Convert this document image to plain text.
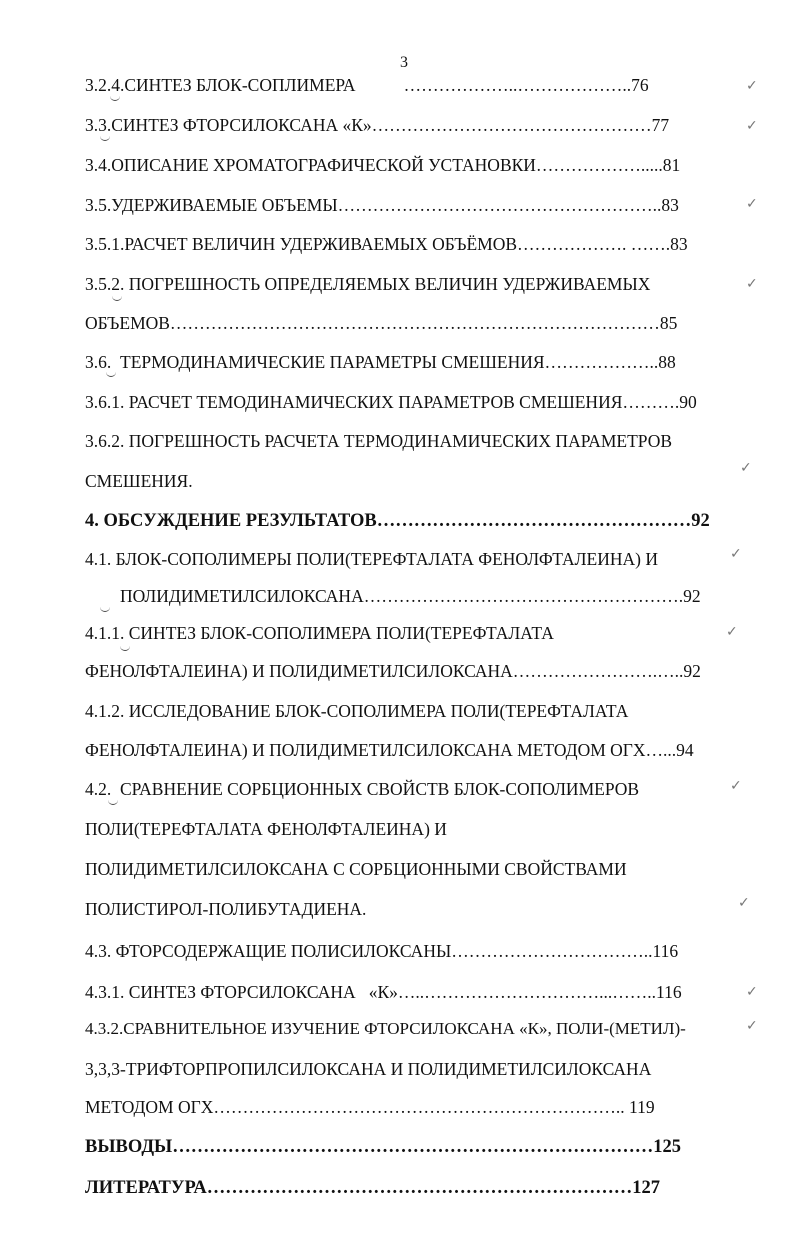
3
3.2.4.СИНТЕЗ БЛОК-СОПЛИМЕРА           ………………..………………..76
3.3.СИНТЕЗ ФТОРСИЛОКСАНА «К»…………………………………………77
3.4.ОПИСАНИЕ ХРОМАТОГРАФИЧЕСКОЙ УСТАНОВКИ……………….....81
3.5.УДЕРЖИВАЕМЫЕ ОБЪЕМЫ………………………………………………..83
3.5.1.РАСЧЕТ ВЕЛИЧИН УДЕРЖИВАЕМЫХ ОБЪЁМОВ………………. …….83
3.5.2. ПОГРЕШНОСТЬ ОПРЕДЕЛЯЕМЫХ ВЕЛИЧИН УДЕРЖИВАЕМЫХ
ОБЪЕМОВ…………………………………………………………………………85
3.6.  ТЕРМОДИНАМИЧЕСКИЕ ПАРАМЕТРЫ СМЕШЕНИЯ………………..88
3.6.1. РАСЧЕТ ТЕМОДИНАМИЧЕСКИХ ПАРАМЕТРОВ СМЕШЕНИЯ……….90
3.6.2. ПОГРЕШНОСТЬ РАСЧЕТА ТЕРМОДИНАМИЧЕСКИХ ПАРАМЕТРОВ
СМЕШЕНИЯ.
4. ОБСУЖДЕНИЕ РЕЗУЛЬТАТОВ……………………………………………92
4.1. БЛОК-СОПОЛИМЕРЫ ПОЛИ(ТЕРЕФТАЛАТА ФЕНОЛФТАЛЕИНА) И
ПОЛИДИМЕТИЛСИЛОКСАНА……………………………………………….92
4.1.1. СИНТЕЗ БЛОК-СОПОЛИМЕРА ПОЛИ(ТЕРЕФТАЛАТА
ФЕНОЛФТАЛЕИНА) И ПОЛИДИМЕТИЛСИЛОКСАНА…………………….…..92
4.1.2. ИССЛЕДОВАНИЕ БЛОК-СОПОЛИМЕРА ПОЛИ(ТЕРЕФТАЛАТА
ФЕНОЛФТАЛЕИНА) И ПОЛИДИМЕТИЛСИЛОКСАНА МЕТОДОМ ОГХ…...94
4.2.  СРАВНЕНИЕ СОРБЦИОННЫХ СВОЙСТВ БЛОК-СОПОЛИМЕРОВ
ПОЛИ(ТЕРЕФТАЛАТА ФЕНОЛФТАЛЕИНА) И
ПОЛИДИМЕТИЛСИЛОКСАНА С СОРБЦИОННЫМИ СВОЙСТВАМИ
ПОЛИСТИРОЛ-ПОЛИБУТАДИЕНА.
4.3. ФТОРСОДЕРЖАЩИЕ ПОЛИСИЛОКСАНЫ……………………………..116
4.3.1. СИНТЕЗ ФТОРСИЛОКСАНА   «К»…..…………………………...……..116
4.3.2.СРАВНИТЕЛЬНОЕ ИЗУЧЕНИЕ ФТОРСИЛОКСАНА «К», ПОЛИ-(МЕТИЛ)-
3,3,3-ТРИФТОРПРОПИЛСИЛОКСАНА И ПОЛИДИМЕТИЛСИЛОКСАНА
МЕТОДОМ ОГХ…………………………………………………………….. 119
ВЫВОДЫ……………………………………………………………………125
ЛИТЕРАТУРА……………………………………………………………127
✓
✓
✓
✓
✓
✓
✓
✓
✓
✓
✓
